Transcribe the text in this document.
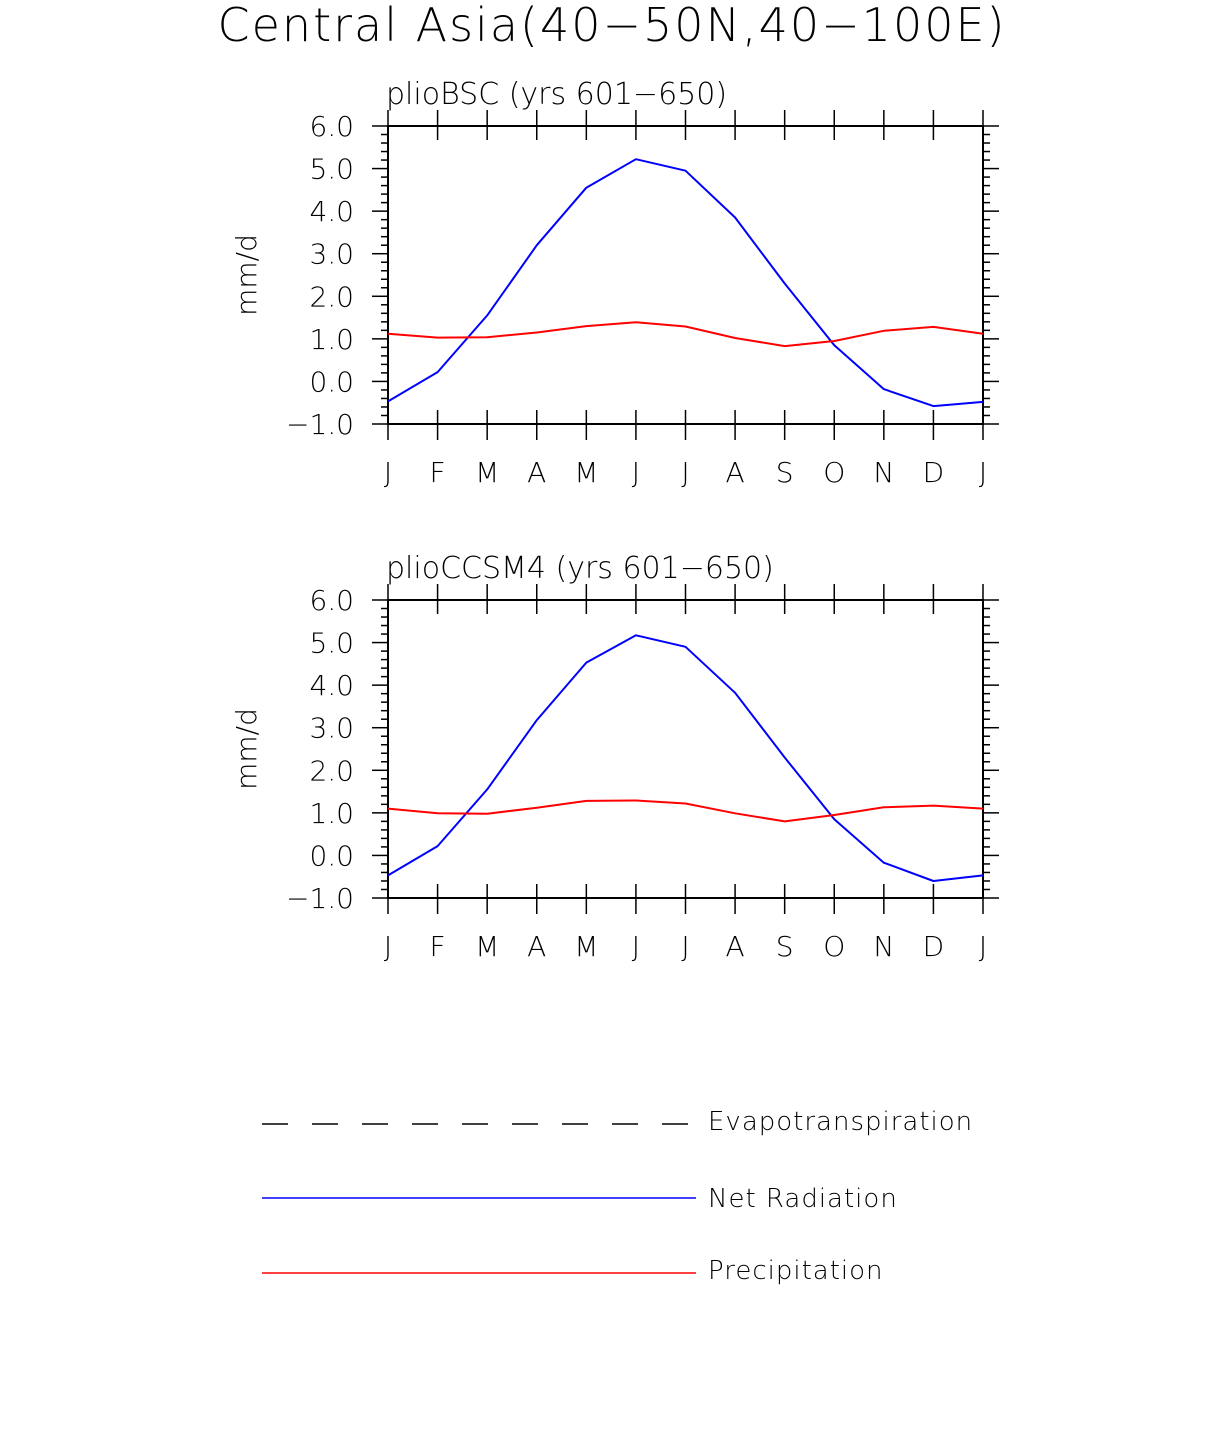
Central Asia(40−50N,40−100E)
plioBSC (yrs 601−650)
mm/d
6.0
5.0
4.0
3.0
2.0
1.0
0.0
−1.0
J F M A M J J A S O N D J
plioCCSM4 (yrs 601−650)
mm/d
6.0
5.0
4.0
3.0
2.0
1.0
0.0
−1.0
J F M A M J J A S O N D J
Evapotranspiration
Net Radiation
Precipitation
